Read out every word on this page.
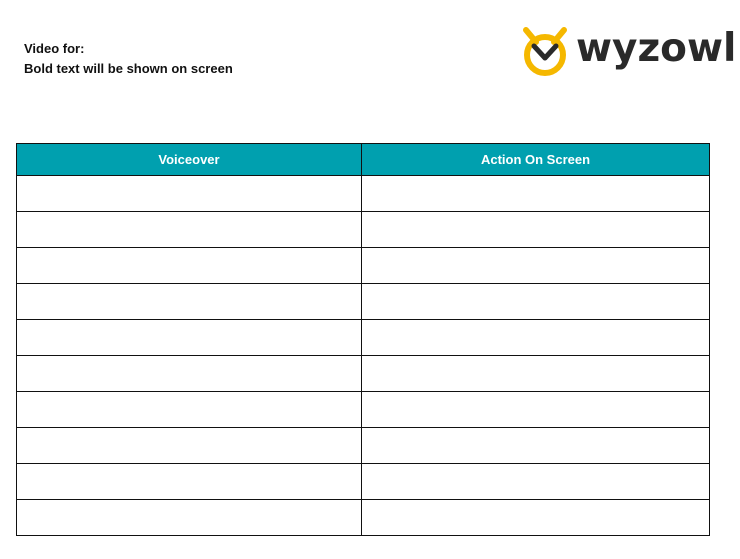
Video for:
Bold text will be shown on screen	wyzowl
Voiceover	Action On Screen
